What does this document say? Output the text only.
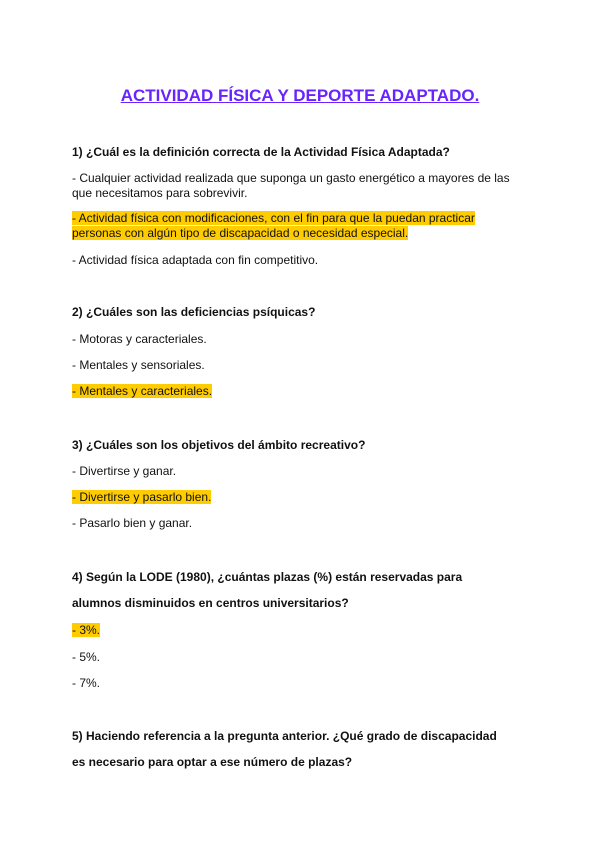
ACTIVIDAD FÍSICA Y DEPORTE ADAPTADO.
1) ¿Cuál es la definición correcta de la Actividad Física Adaptada?
- Cualquier actividad realizada que suponga un gasto energético a mayores de las
que necesitamos para sobrevivir.
- Actividad física con modificaciones, con el fin para que la puedan practicar
personas con algún tipo de discapacidad o necesidad especial.
- Actividad física adaptada con fin competitivo.
2) ¿Cuáles son las deficiencias psíquicas?
- Motoras y caracteriales.
- Mentales y sensoriales.
- Mentales y caracteriales.
3) ¿Cuáles son los objetivos del ámbito recreativo?
- Divertirse y ganar.
- Divertirse y pasarlo bien.
- Pasarlo bien y ganar.
4) Según la LODE (1980), ¿cuántas plazas (%) están reservadas para
alumnos disminuidos en centros universitarios?
- 3%.
- 5%.
- 7%.
5) Haciendo referencia a la pregunta anterior. ¿Qué grado de discapacidad
es necesario para optar a ese número de plazas?
